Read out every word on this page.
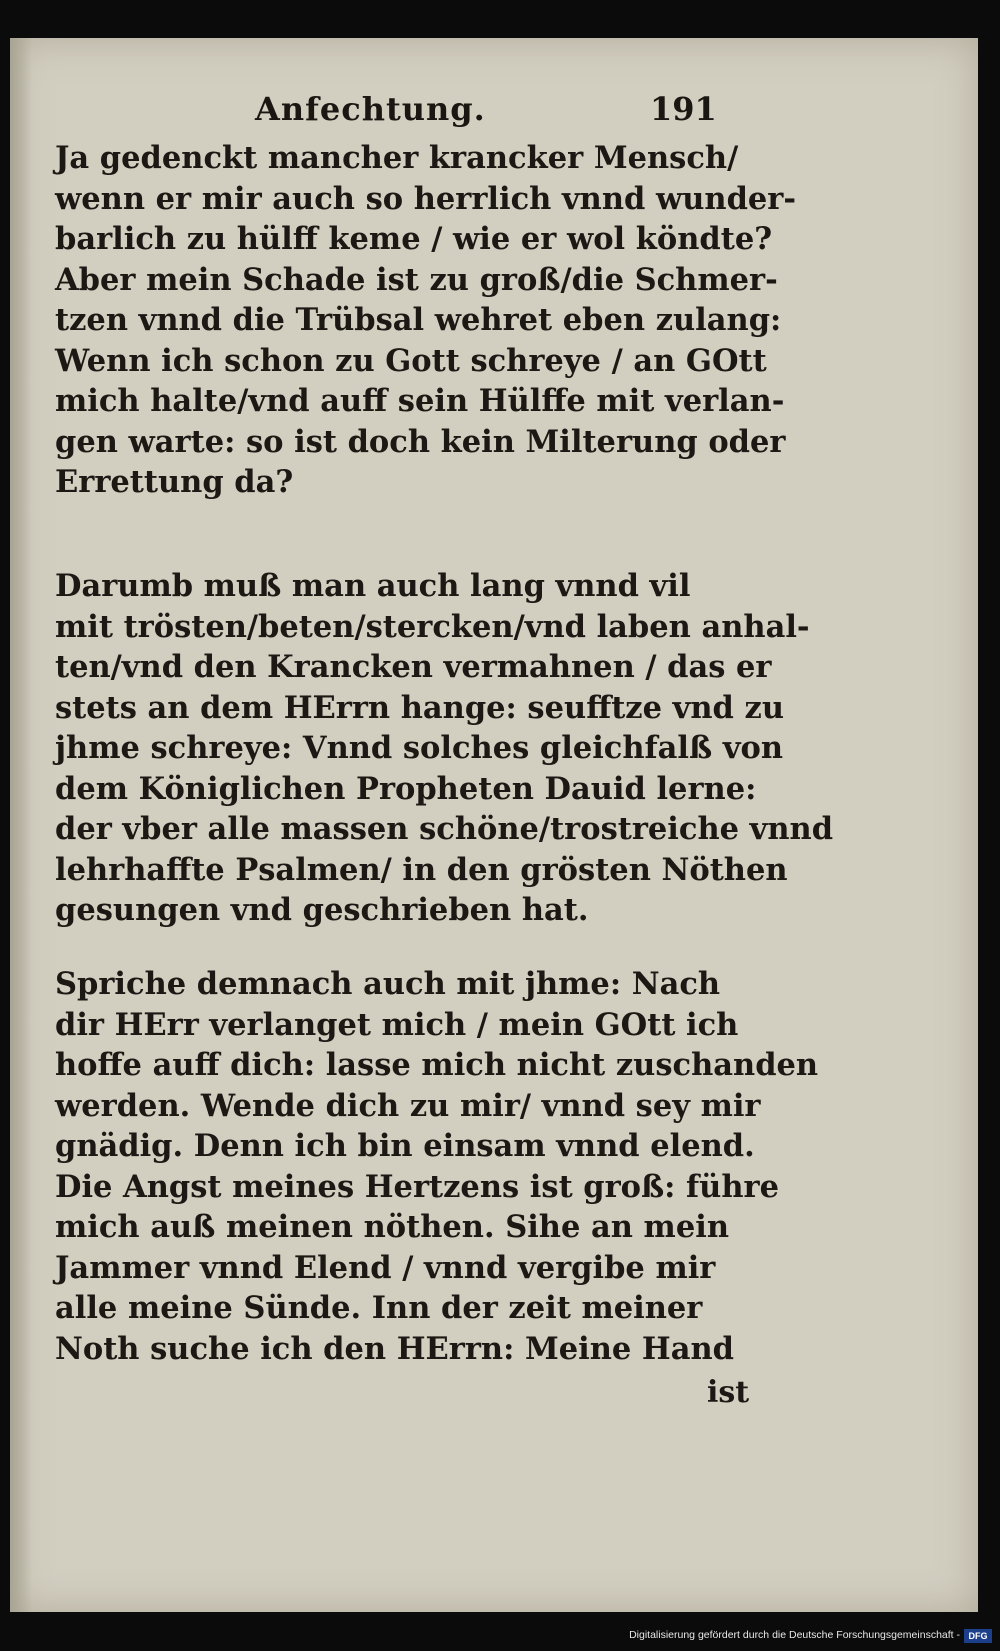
Anfechtung.	191

Ja gedenckt mancher krancker Mensch/
wenn er mir auch so herrlich vnnd wunder-
barlich zu hülff keme / wie er wol köndte?
Aber mein Schade ist zu groß/die Schmer-
tzen vnnd die Trübsal wehret eben zulang:
Wenn ich schon zu Gott schreye / an GOtt
mich halte/vnd auff sein Hülffe mit verlan-
gen warte: so ist doch kein Milterung oder
Errettung da?

Darumb muß man auch lang vnnd vil
mit trösten/beten/stercken/vnd laben anhal-
ten/vnd den Krancken vermahnen / das er
stets an dem HErrn hange: seufftze vnd zu
jhme schreye: Vnnd solches gleichfalß von
dem Königlichen Propheten Dauid lerne:
der vber alle massen schöne/trostreiche vnnd
lehrhaffte Psalmen/ in den grösten Nöthen
gesungen vnd geschrieben hat.

Spriche demnach auch mit jhme: Nach
dir HErr verlanget mich / mein GOtt ich
hoffe auff dich: lasse mich nicht zuschanden
werden. Wende dich zu mir/ vnnd sey mir
gnädig. Denn ich bin einsam vnnd elend.
Die Angst meines Hertzens ist groß: führe
mich auß meinen nöthen. Sihe an mein
Jammer vnnd Elend / vnnd vergibe mir
alle meine Sünde. Inn der zeit meiner
Noth suche ich den HErrn: Meine Hand

ist
Digitalisierung gefördert durch die Deutsche Forschungsgemeinschaft - DFG
